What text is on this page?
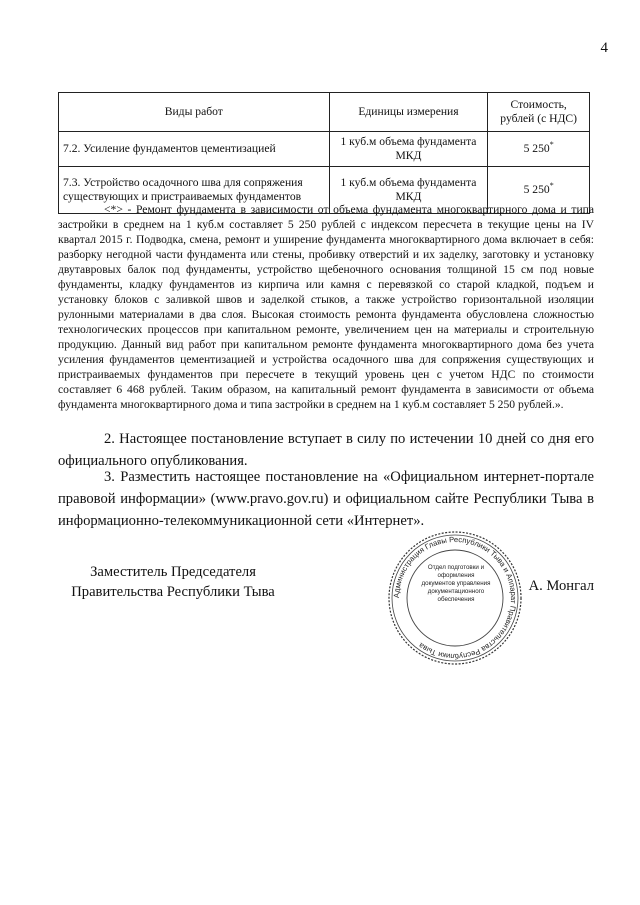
4
Виды работ	Единицы измерения	Стоимость, рублей (с НДС)
7.2. Усиление фундаментов цементизацией	1 куб.м объема фундамента МКД	5 250*
7.3. Устройство осадочного шва для сопряжения существующих и пристраиваемых фундаментов	1 куб.м объема фундамента МКД	5 250*
<*> - Ремонт фундамента в зависимости от объема фундамента многоквартирного дома и типа застройки в среднем на 1 куб.м составляет 5 250 рублей с индексом пересчета в текущие цены на IV квартал 2015 г. Подводка, смена, ремонт и уширение фундамента многоквартирного дома включает в себя: разборку негодной части фундамента или стены, пробивку отверстий и их заделку, заготовку и установку двутавровых балок под фундаменты, устройство щебеночного основания толщиной 15 см под новые фундаменты, кладку фундаментов из кирпича или камня с перевязкой со старой кладкой, подъем и установку блоков с заливкой швов и заделкой стыков, а также устройство горизонтальной изоляции рулонными материалами в два слоя. Высокая стоимость ремонта фундамента обусловлена сложностью технологических процессов при капитальном ремонте, увеличением цен на материалы и строительную продукцию. Данный вид работ при капитальном ремонте фундамента многоквартирного дома без учета усиления фундаментов цементизацией и устройства осадочного шва для сопряжения существующих и пристраиваемых фундаментов при пересчете в текущий уровень цен с учетом НДС по стоимости составляет 6 468 рублей. Таким образом, на капитальный ремонт фундамента в зависимости от объема фундамента многоквартирного дома и типа застройки в среднем на 1 куб.м составляет 5 250 рублей.».
2. Настоящее постановление вступает в силу по истечении 10 дней со дня его официального опубликования.
3. Разместить настоящее постановление на «Официальном интернет-портале правовой информации» (www.pravo.gov.ru) и официальном сайте Республики Тыва в информационно-телекоммуникационной сети «Интернет».
Заместитель Председателя
Правительства Республики Тыва	Администрация Главы Республики Тыва и Аппарат Правительства Республики Тыва
Отдел подготовки и оформления документов управления документационного обеспечения
А. Монгал
